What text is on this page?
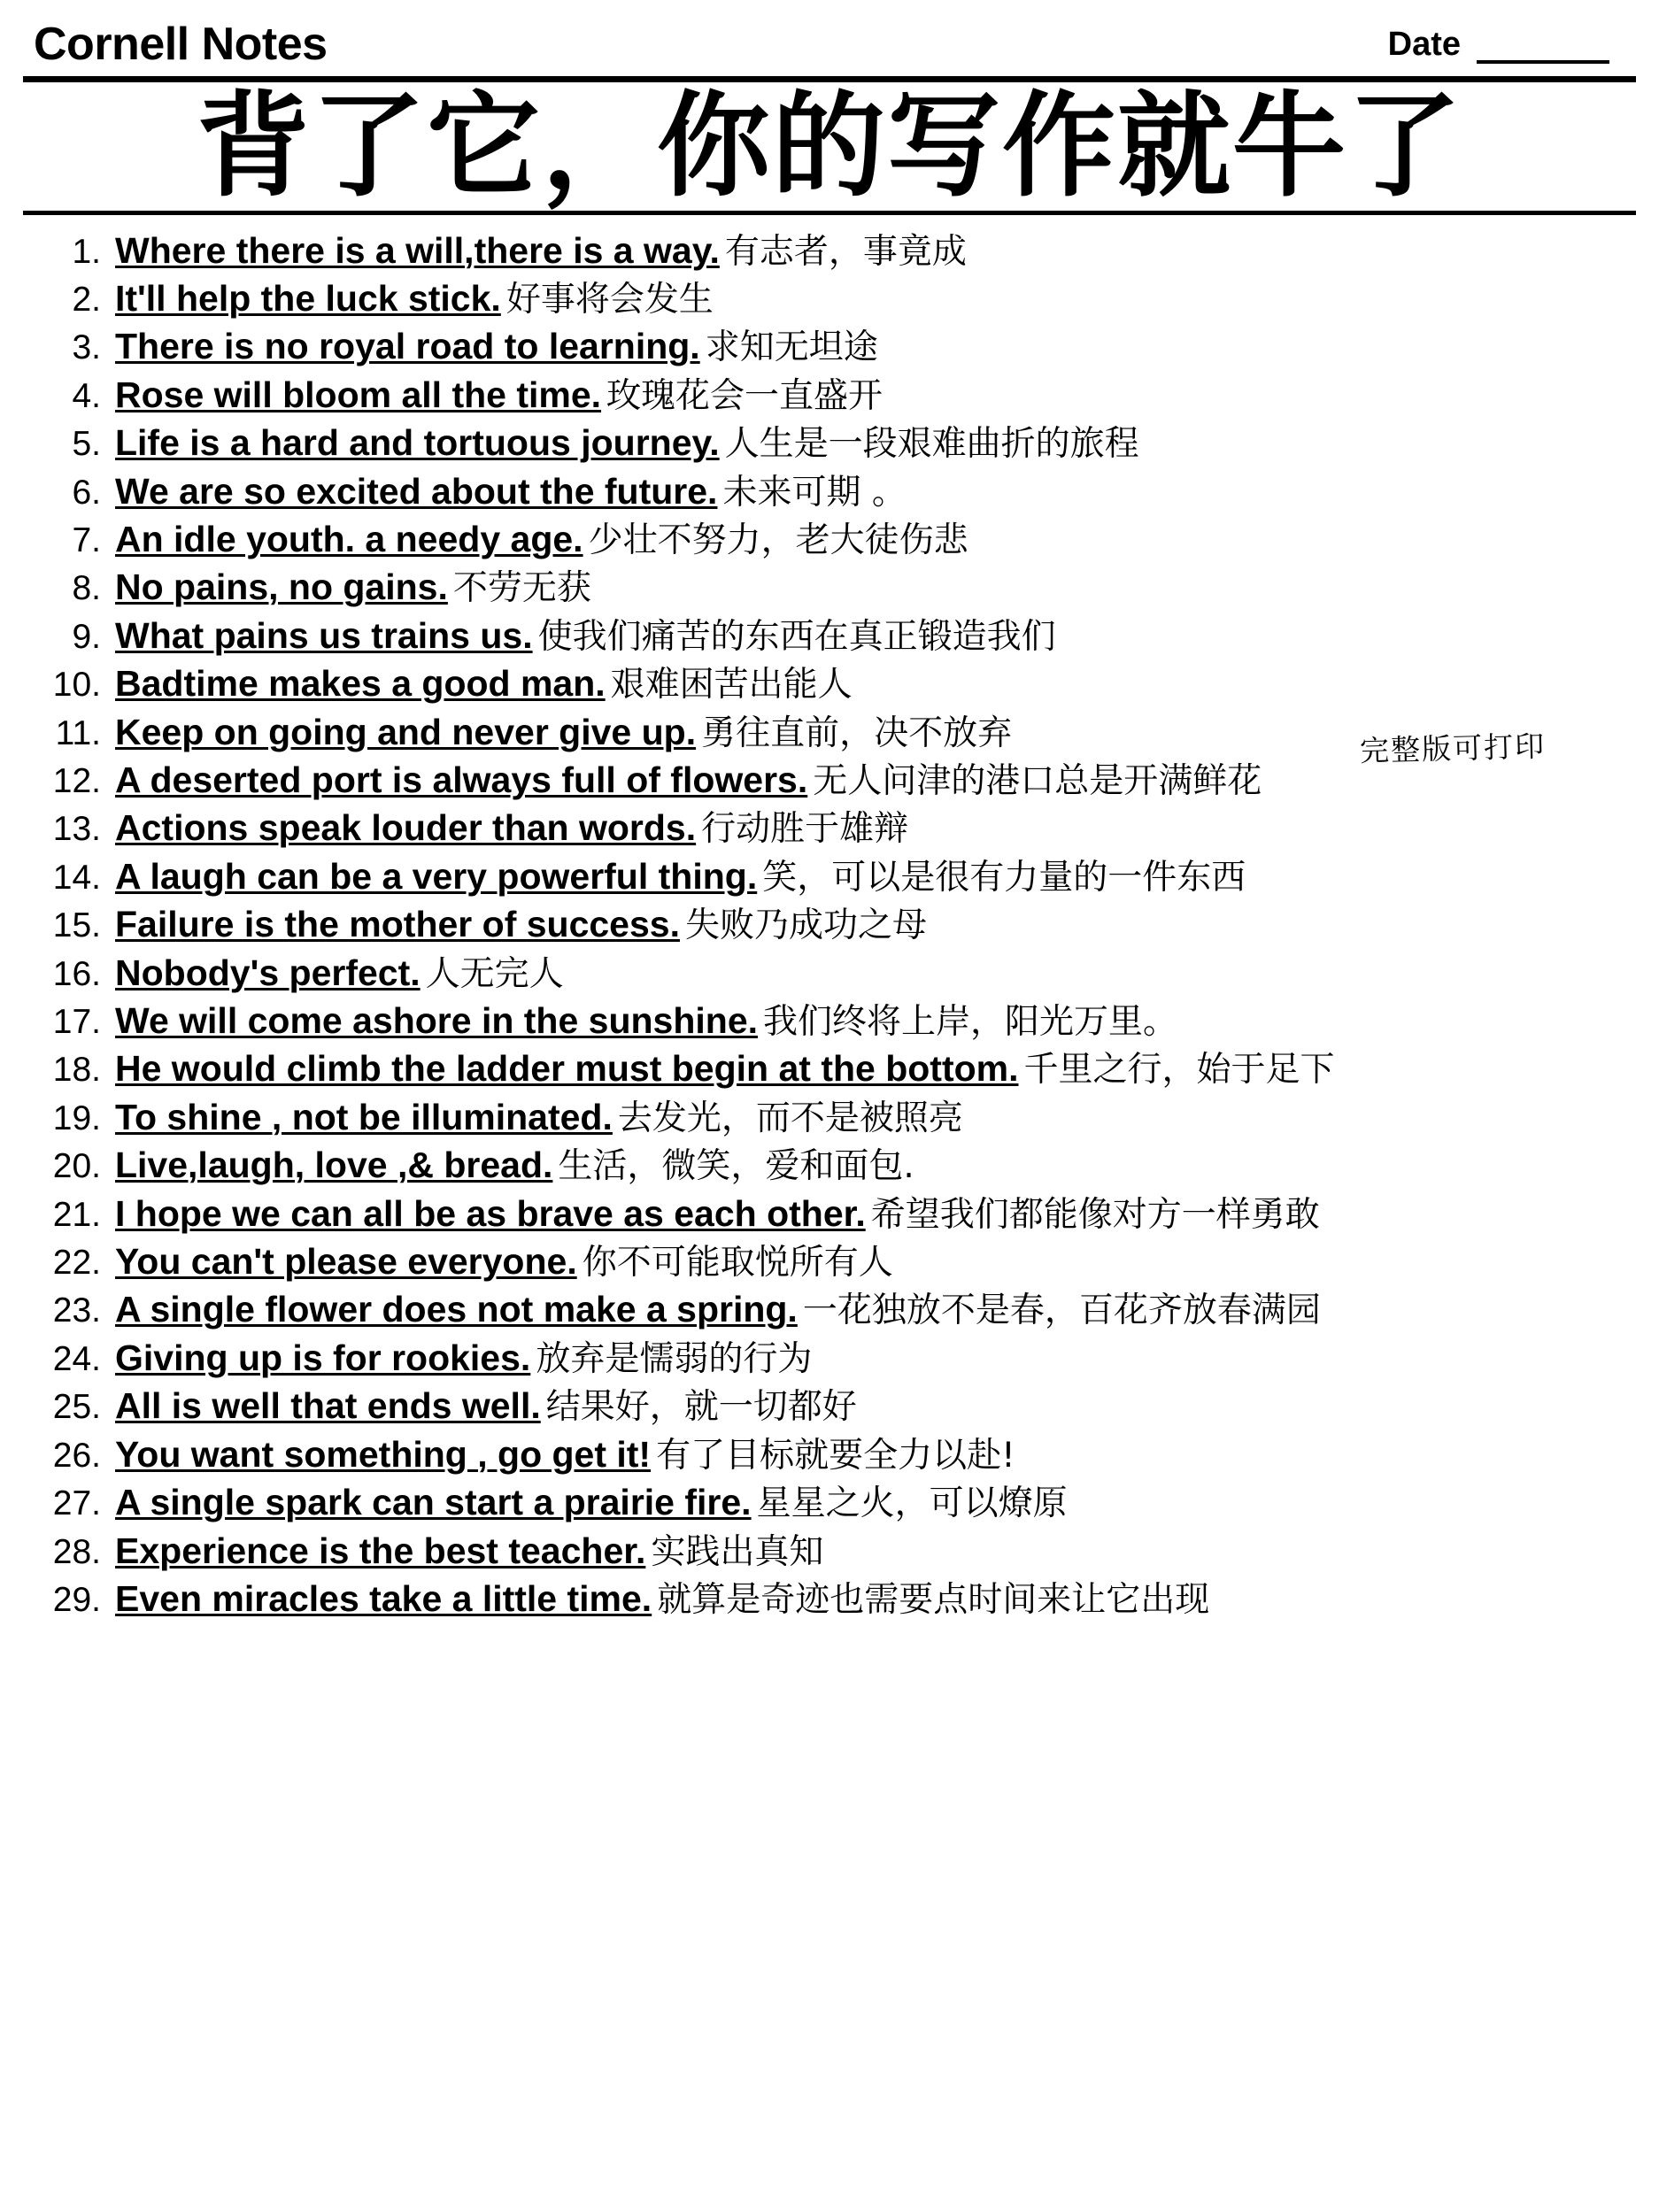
Cornell Notes	Date
背了它，你的写作就牛了
完整版可打印
1. Where there is a will,there is a way. 有志者，事竟成
2. It'll help the luck stick. 好事将会发生
3. There is no royal road to learning. 求知无坦途
4. Rose will bloom all the time. 玫瑰花会一直盛开
5. Life is a hard and tortuous journey. 人生是一段艰难曲折的旅程
6. We are so excited about the future. 未来可期 。
7. An idle youth. a needy age. 少壮不努力，老大徒伤悲
8. No pains, no gains. 不劳无获
9. What pains us trains us. 使我们痛苦的东西在真正锻造我们
10. Badtime makes a good man. 艰难困苦出能人
11. Keep on going and never give up. 勇往直前，决不放弃
12. A deserted port is always full of flowers. 无人问津的港口总是开满鲜花
13. Actions speak louder than words. 行动胜于雄辩
14. A laugh can be a very powerful thing. 笑，可以是很有力量的一件东西
15. Failure is the mother of success. 失败乃成功之母
16. Nobody's perfect. 人无完人
17. We will come ashore in the sunshine. 我们终将上岸，阳光万里。
18. He would climb the ladder must begin at the bottom. 千里之行，始于足下
19. To shine , not be illuminated. 去发光，而不是被照亮
20. Live,laugh, love ,& bread. 生活，微笑，爱和面包.
21. I hope we can all be as brave as each other. 希望我们都能像对方一样勇敢
22. You can't please everyone. 你不可能取悦所有人
23. A single flower does not make a spring. 一花独放不是春，百花齐放春满园
24. Giving up is for rookies. 放弃是懦弱的行为
25. All is well that ends well. 结果好，就一切都好
26. You want something , go get it! 有了目标就要全力以赴!
27. A single spark can start a prairie fire. 星星之火，可以燎原
28. Experience is the best teacher. 实践出真知
29. Even miracles take a little time. 就算是奇迹也需要点时间来让它出现
